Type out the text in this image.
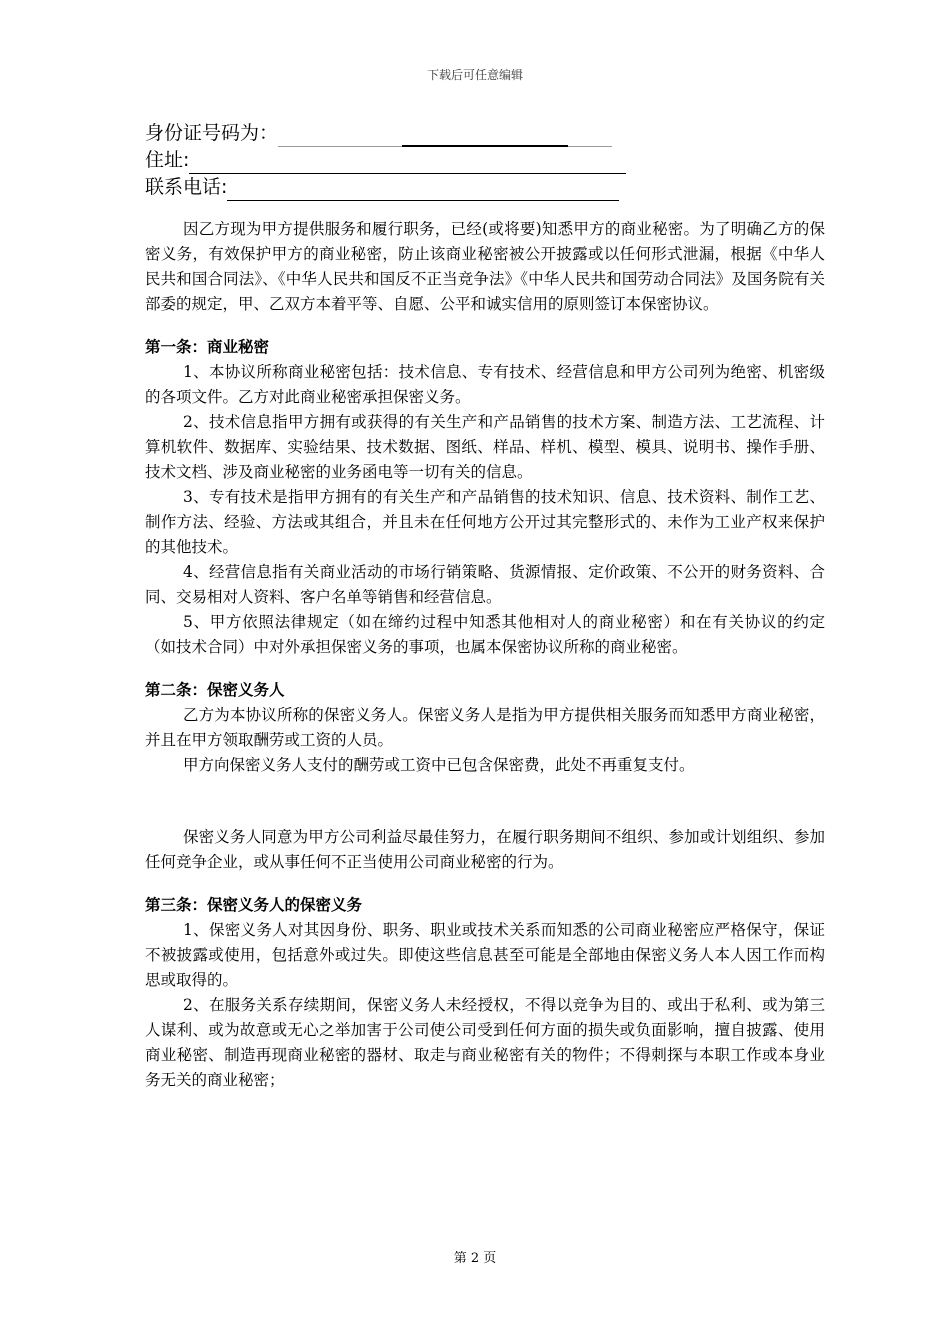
下载后可任意编辑
身份证号码为：
住址:
联系电话:

因乙方现为甲方提供服务和履行职务，已经(或将要)知悉甲方的商业秘密。为了明确乙方的保密义务，有效保护甲方的商业秘密，防止该商业秘密被公开披露或以任何形式泄漏，根据《中华人民共和国合同法》、《中华人民共和国反不正当竞争法》《中华人民共和国劳动合同法》及国务院有关部委的规定，甲、乙双方本着平等、自愿、公平和诚实信用的原则签订本保密协议。

第一条：商业秘密

1、本协议所称商业秘密包括：技术信息、专有技术、经营信息和甲方公司列为绝密、机密级的各项文件。乙方对此商业秘密承担保密义务。

2、技术信息指甲方拥有或获得的有关生产和产品销售的技术方案、制造方法、工艺流程、计算机软件、数据库、实验结果、技术数据、图纸、样品、样机、模型、模具、说明书、操作手册、技术文档、涉及商业秘密的业务函电等一切有关的信息。

3、专有技术是指甲方拥有的有关生产和产品销售的技术知识、信息、技术资料、制作工艺、制作方法、经验、方法或其组合，并且未在任何地方公开过其完整形式的、未作为工业产权来保护的其他技术。

4、经营信息指有关商业活动的市场行销策略、货源情报、定价政策、不公开的财务资料、合同、交易相对人资料、客户名单等销售和经营信息。

5、甲方依照法律规定（如在缔约过程中知悉其他相对人的商业秘密）和在有关协议的约定（如技术合同）中对外承担保密义务的事项，也属本保密协议所称的商业秘密。

第二条：保密义务人

乙方为本协议所称的保密义务人。保密义务人是指为甲方提供相关服务而知悉甲方商业秘密，并且在甲方领取酬劳或工资的人员。

甲方向保密义务人支付的酬劳或工资中已包含保密费，此处不再重复支付。

保密义务人同意为甲方公司利益尽最佳努力，在履行职务期间不组织、参加或计划组织、参加任何竞争企业，或从事任何不正当使用公司商业秘密的行为。

第三条：保密义务人的保密义务

1、保密义务人对其因身份、职务、职业或技术关系而知悉的公司商业秘密应严格保守，保证不被披露或使用，包括意外或过失。即使这些信息甚至可能是全部地由保密义务人本人因工作而构思或取得的。

2、在服务关系存续期间，保密义务人未经授权，不得以竞争为目的、或出于私利、或为第三人谋利、或为故意或无心之举加害于公司使公司受到任何方面的损失或负面影响，擅自披露、使用商业秘密、制造再现商业秘密的器材、取走与商业秘密有关的物件；不得刺探与本职工作或本身业务无关的商业秘密；

第 2 页
